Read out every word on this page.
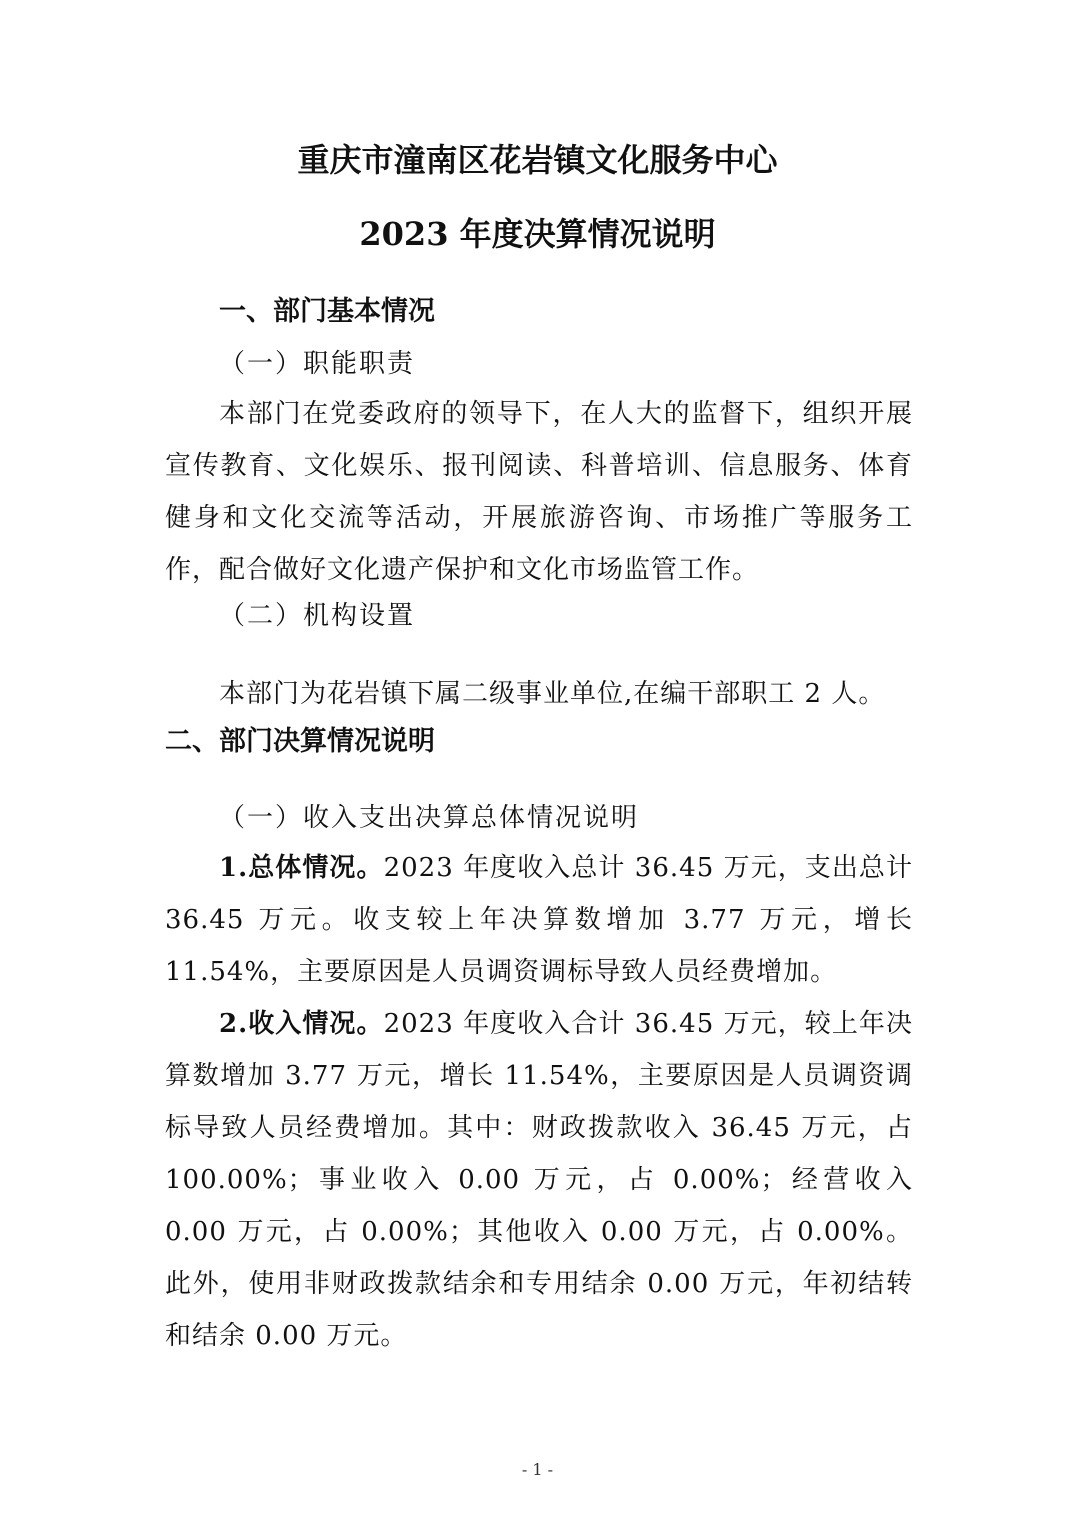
重庆市潼南区花岩镇文化服务中心
2023 年度决算情况说明
一、部门基本情况
（一）职能职责
本部门在党委政府的领导下，在人大的监督下，组织开展宣传教育、文化娱乐、报刊阅读、科普培训、信息服务、体育健身和文化交流等活动，开展旅游咨询、市场推广等服务工作，配合做好文化遗产保护和文化市场监管工作。
（二）机构设置
本部门为花岩镇下属二级事业单位,在编干部职工 2 人。
二、部门决算情况说明
（一）收入支出决算总体情况说明
1.总体情况。2023 年度收入总计 36.45 万元，支出总计 36.45 万元。收支较上年决算数增加 3.77 万元，增长 11.54%，主要原因是人员调资调标导致人员经费增加。
2.收入情况。2023 年度收入合计 36.45 万元，较上年决算数增加 3.77 万元，增长 11.54%，主要原因是人员调资调标导致人员经费增加。其中：财政拨款收入 36.45 万元，占 100.00%；事业收入 0.00 万元，占 0.00%；经营收入 0.00 万元，占 0.00%；其他收入 0.00 万元，占 0.00%。此外，使用非财政拨款结余和专用结余 0.00 万元，年初结转和结余 0.00 万元。
- 1 -
